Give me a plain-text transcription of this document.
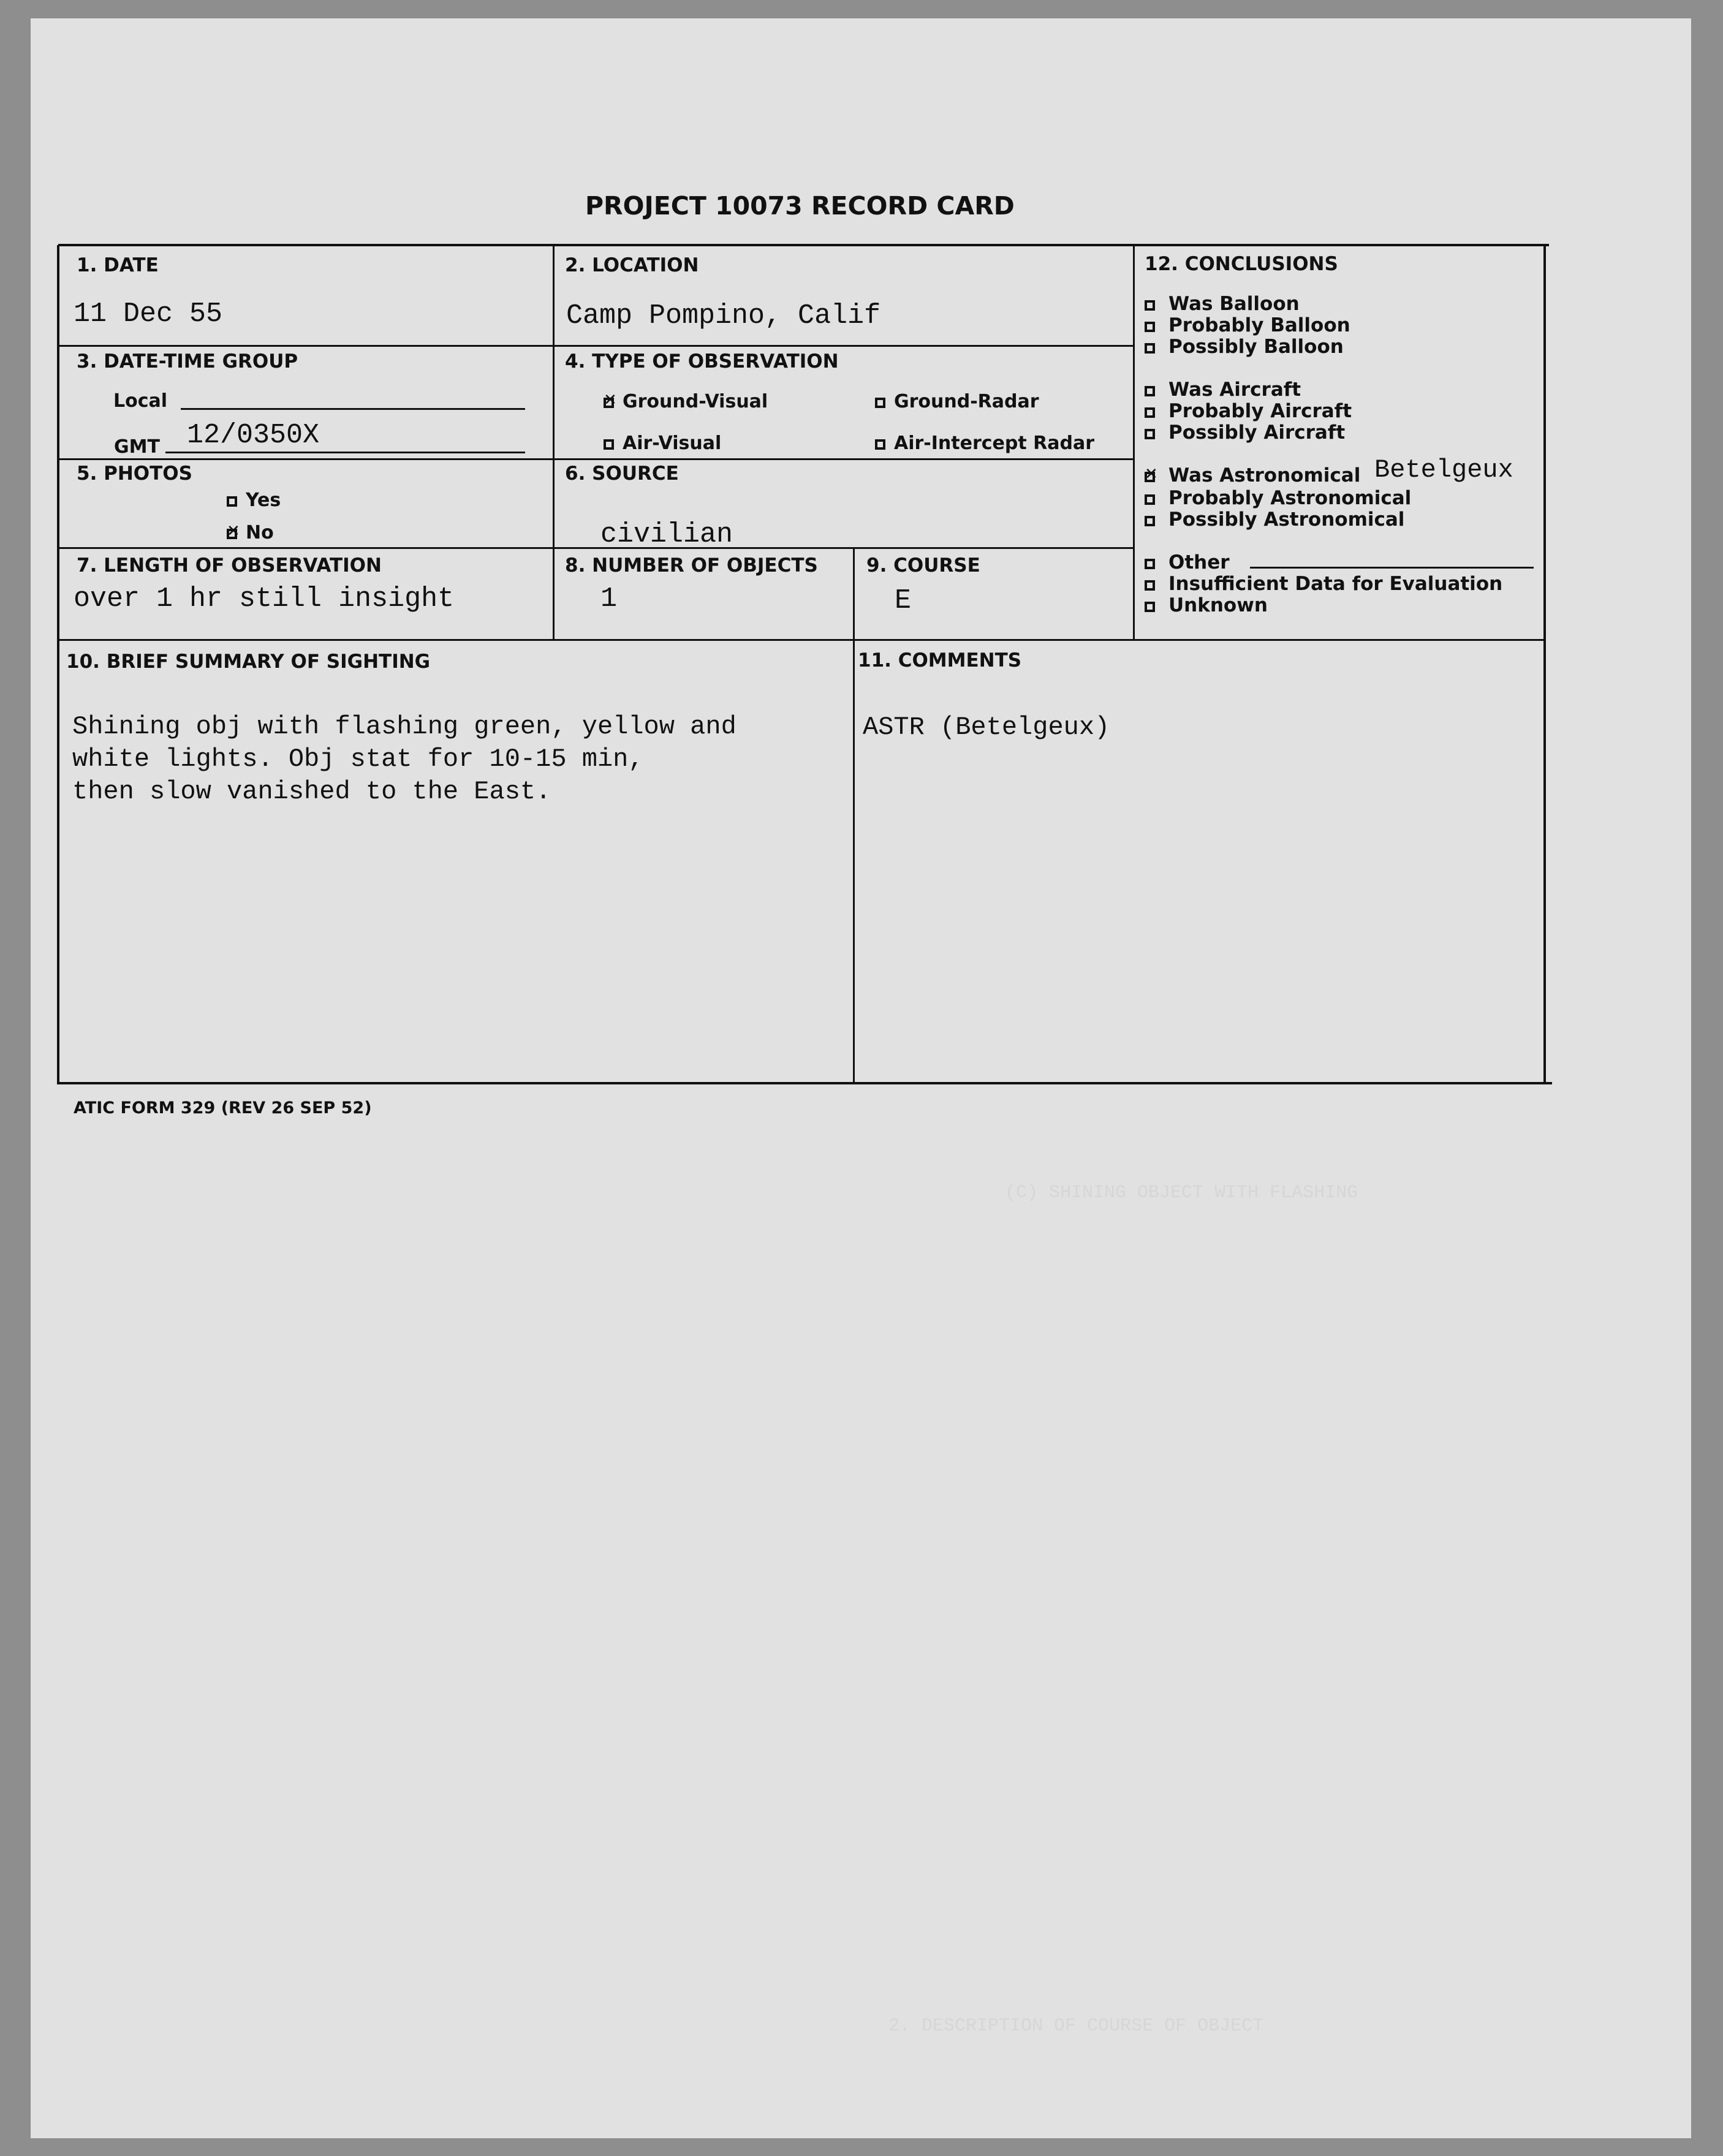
(C) SHINING OBJECT WITH FLASHING
2. DESCRIPTION OF COURSE OF OBJECT
PROJECT 10073 RECORD CARD
1. DATE
11 Dec 55
2. LOCATION
Camp Pompino, Calif
3. DATE-TIME GROUP
Local
GMT 12/0350X
4. TYPE OF OBSERVATION
✕Ground-Visual	Ground-Radar
Air-Visual	Air-Intercept Radar
5. PHOTOS
Yes
✕No
6. SOURCE
civilian
7. LENGTH OF OBSERVATION
over 1 hr still insight
8. NUMBER OF OBJECTS
1
9. COURSE
E
12. CONCLUSIONS
Was Balloon
Probably Balloon
Possibly Balloon
Was Aircraft
Probably Aircraft
Possibly Aircraft
✕Was Astronomical Betelgeux
Probably Astronomical
Possibly Astronomical
Other
Insufficient Data for Evaluation
Unknown
10. BRIEF SUMMARY OF SIGHTING
Shining obj with flashing green, yellow and
white lights. Obj stat for 10-15 min,
then slow vanished to the East.
11. COMMENTS
ASTR (Betelgeux)
ATIC FORM 329 (REV 26 SEP 52)
